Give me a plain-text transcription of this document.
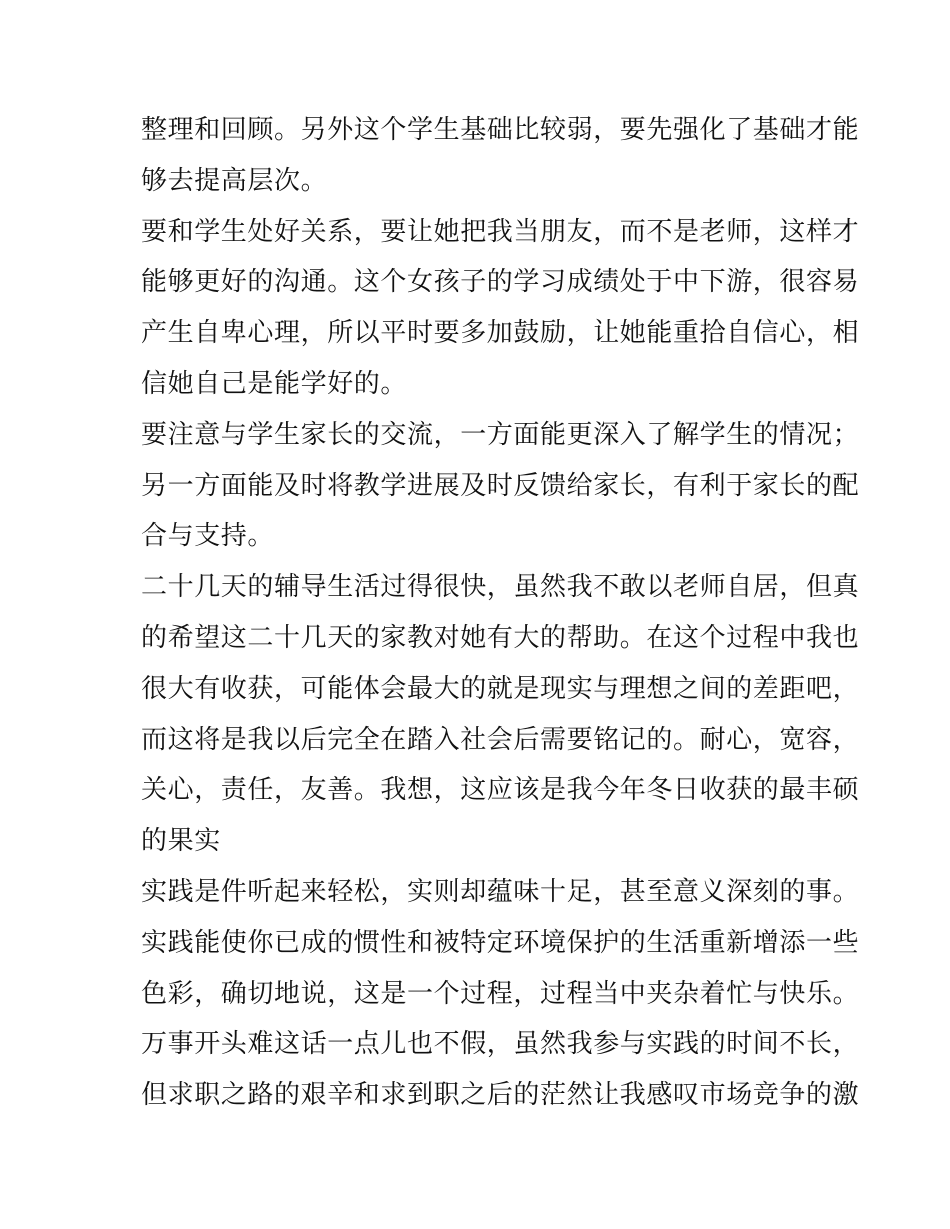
整理和回顾。另外这个学生基础比较弱，要先强化了基础才能
够去提高层次。
要和学生处好关系，要让她把我当朋友，而不是老师，这样才
能够更好的沟通。这个女孩子的学习成绩处于中下游，很容易
产生自卑心理，所以平时要多加鼓励，让她能重拾自信心，相
信她自己是能学好的。
要注意与学生家长的交流，一方面能更深入了解学生的情况；
另一方面能及时将教学进展及时反馈给家长，有利于家长的配
合与支持。
二十几天的辅导生活过得很快，虽然我不敢以老师自居，但真
的希望这二十几天的家教对她有大的帮助。在这个过程中我也
很大有收获，可能体会最大的就是现实与理想之间的差距吧，
而这将是我以后完全在踏入社会后需要铭记的。耐心，宽容，
关心，责任，友善。我想，这应该是我今年冬日收获的最丰硕
的果实
实践是件听起来轻松，实则却蕴味十足，甚至意义深刻的事。
实践能使你已成的惯性和被特定环境保护的生活重新增添一些
色彩，确切地说，这是一个过程，过程当中夹杂着忙与快乐。
万事开头难这话一点儿也不假，虽然我参与实践的时间不长，
但求职之路的艰辛和求到职之后的茫然让我感叹市场竞争的激
